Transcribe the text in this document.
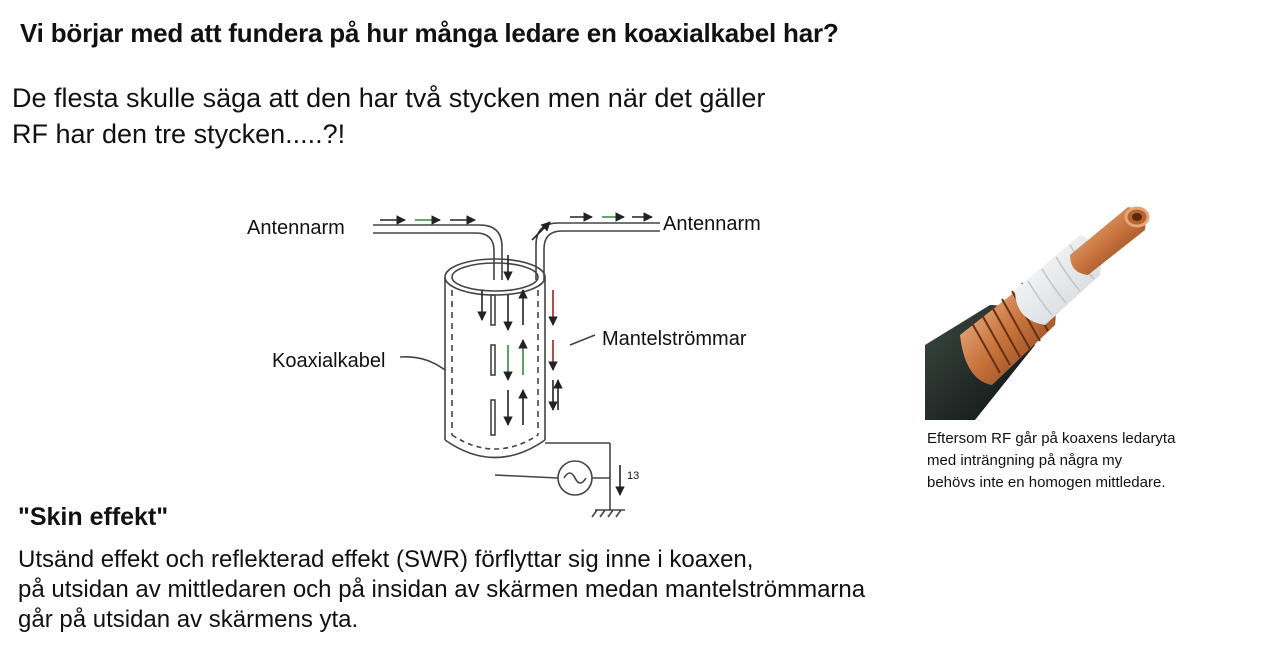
Vi börjar med att fundera på hur många ledare en koaxialkabel har?
De flesta skulle säga att den har två stycken men när det gäller
RF har den tre stycken.....?!
Antennarm	Antennarm
Mantelströmmar
Koaxialkabel
13
Eftersom RF går på koaxens ledaryta
med inträngning på några my
behövs inte en homogen mittledare.
"Skin effekt"
Utsänd effekt och reflekterad effekt (SWR) förflyttar sig inne i koaxen,
på utsidan av mittledaren och på insidan av skärmen medan mantelströmmarna
går på utsidan av skärmens yta.
